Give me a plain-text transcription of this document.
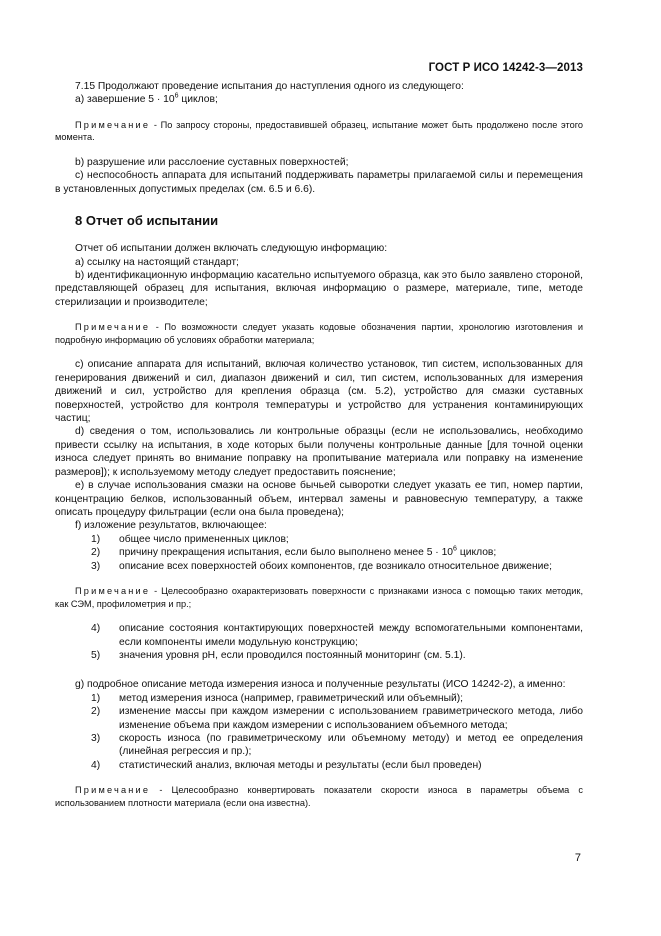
ГОСТ Р ИСО 14242-3—2013

7.15 Продолжают проведение испытания до наступления одного из следующего:

а) завершение $5 \cdot 10^6$ циклов;

Примечание - По запросу стороны, предоставившей образец, испытание может быть продолжено после этого момента.

b) разрушение или расслоение суставных поверхностей;

c) неспособность аппарата для испытаний поддерживать параметры прилагаемой силы и перемещения в установленных допустимых пределах (см. 6.5 и 6.6).

8 Отчет об испытании

Отчет об испытании должен включать следующую информацию:

а) ссылку на настоящий стандарт;

b) идентификационную информацию касательно испытуемого образца, как это было заявлено стороной, представляющей образец для испытания, включая информацию о размере, материале, типе, методе стерилизации и производителе;

Примечание - По возможности следует указать кодовые обозначения партии, хронологию изготовления и подробную информацию об условиях обработки материала;

с) описание аппарата для испытаний, включая количество установок, тип систем, использованных для генерирования движений и сил, диапазон движений и сил, тип систем, использованных для измерения движений и сил, устройство для крепления образца (см. 5.2), устройство для смазки суставных поверхностей, устройство для контроля температуры и устройство для устранения контаминирующих частиц;

d) сведения о том, использовались ли контрольные образцы (если не использовались, необходимо привести ссылку на испытания, в ходе которых были получены контрольные данные [для точной оценки износа следует принять во внимание поправку на пропитывание материала или поправку на изменение размеров]); к используемому методу следует предоставить пояснение;

е) в случае использования смазки на основе бычьей сыворотки следует указать ее тип, номер партии, концентрацию белков, использованный объем, интервал замены и равновесную температуру, а также описать процедуру фильтрации (если она была проведена);

f) изложение результатов, включающее:

1)	общее число примененных циклов;
2)	причину прекращения испытания, если было выполнено менее $5 \cdot 10^6$ циклов;
3)	описание всех поверхностей обоих компонентов, где возникало относительное движение;

Примечание - Целесообразно охарактеризовать поверхности с признаками износа с помощью таких методик, как СЭМ, профилометрия и пр.;

4)	описание состояния контактирующих поверхностей между вспомогательными компонентами, если компоненты имели модульную конструкцию;
5)	значения уровня pH, если проводился постоянный мониторинг (см. 5.1).

g) подробное описание метода измерения износа и полученные результаты (ИСО 14242-2), а именно:

1)	метод измерения износа (например, гравиметрический или объемный);
2)	изменение массы при каждом измерении с использованием гравиметрического метода, либо изменение объема при каждом измерении с использованием объемного метода;
3)	скорость износа (по гравиметрическому или объемному методу) и метод ее определения (линейная регрессия и пр.);
4)	статистический анализ, включая методы и результаты (если был проведен)

Примечание - Целесообразно конвертировать показатели скорости износа в параметры объема с использованием плотности материала (если она известна).

7
